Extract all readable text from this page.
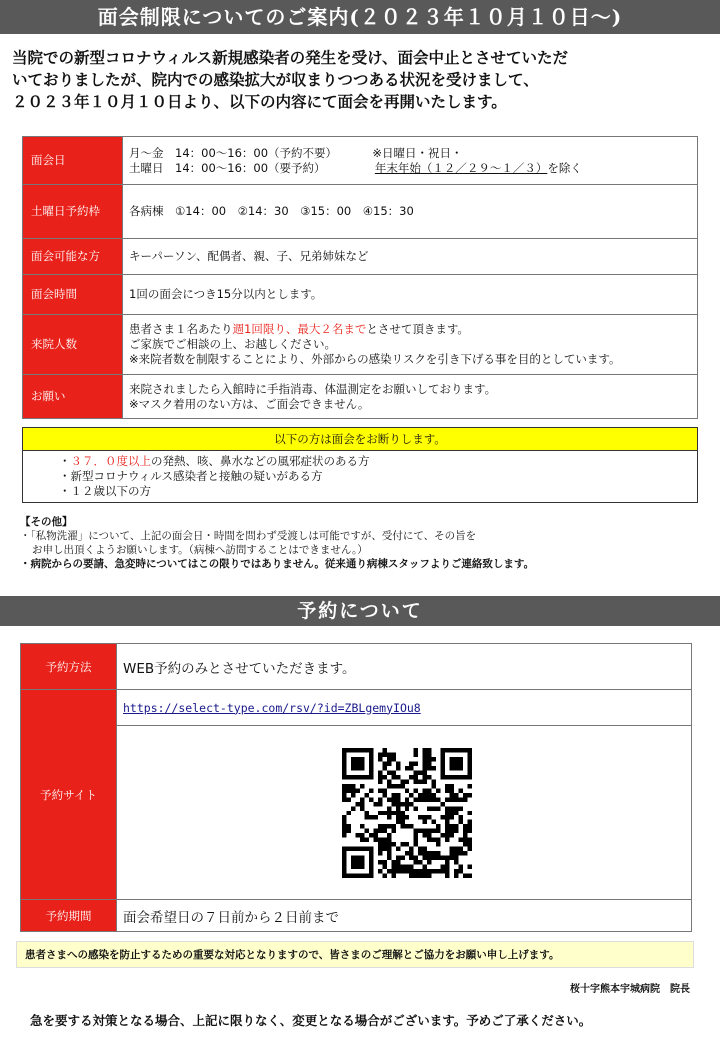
面会制限についてのご案内(２０２３年１０月１０日～)
当院での新型コロナウィルス新規感染者の発生を受け、面会中止とさせていただ
いておりましたが、院内での感染拡大が収まりつつある状況を受けまして、
２０２３年１０月１０日より、以下の内容にて面会を再開いたします。
面会日	月～金　14：00～16：00（予約不要） ※日曜日・祝日・
土曜日　14：00～16：00（要予約） 年末年始（１２／２９～１／３）を除く

土曜日予約枠	各病棟　①14：00　②14：30　③15：00　④15：30
面会可能な方	キーパーソン、配偶者、親、子、兄弟姉妹など
面会時間	1回の面会につき15分以内とします。
来院人数	患者さま１名あたり週1回限り、最大２名までとさせて頂きます。
ご家族でご相談の上、お越しください。
※来院者数を制限することにより、外部からの感染リスクを引き下げる事を目的としています。

お願い	来院されましたら入館時に手指消毒、体温測定をお願いしております。
※マスク着用のない方は、ご面会できません。
以下の方は面会をお断りします。
・３７．０度以上の発熱、咳、鼻水などの風邪症状のある方
・新型コロナウィルス感染者と接触の疑いがある方
・１２歳以下の方
【その他】
・「私物洗濯」について、上記の面会日・時間を問わず受渡しは可能ですが、受付にて、その旨を
お申し出頂くようお願いします。（病棟へ訪問することはできません。）
・病院からの要請、急変時についてはこの限りではありません。従来通り病棟スタッフよりご連絡致します。
予約について
予約方法	WEB予約のみとさせていただきます。
予約サイト	https://select-type.com/rsv/?id=ZBLgemyIOu8

予約期間	面会希望日の７日前から２日前まで
患者さまへの感染を防止するための重要な対応となりますので、皆さまのご理解とご協力をお願い申し上げます。
桜十字熊本宇城病院　院長
急を要する対策となる場合、上記に限りなく、変更となる場合がございます。予めご了承ください。
